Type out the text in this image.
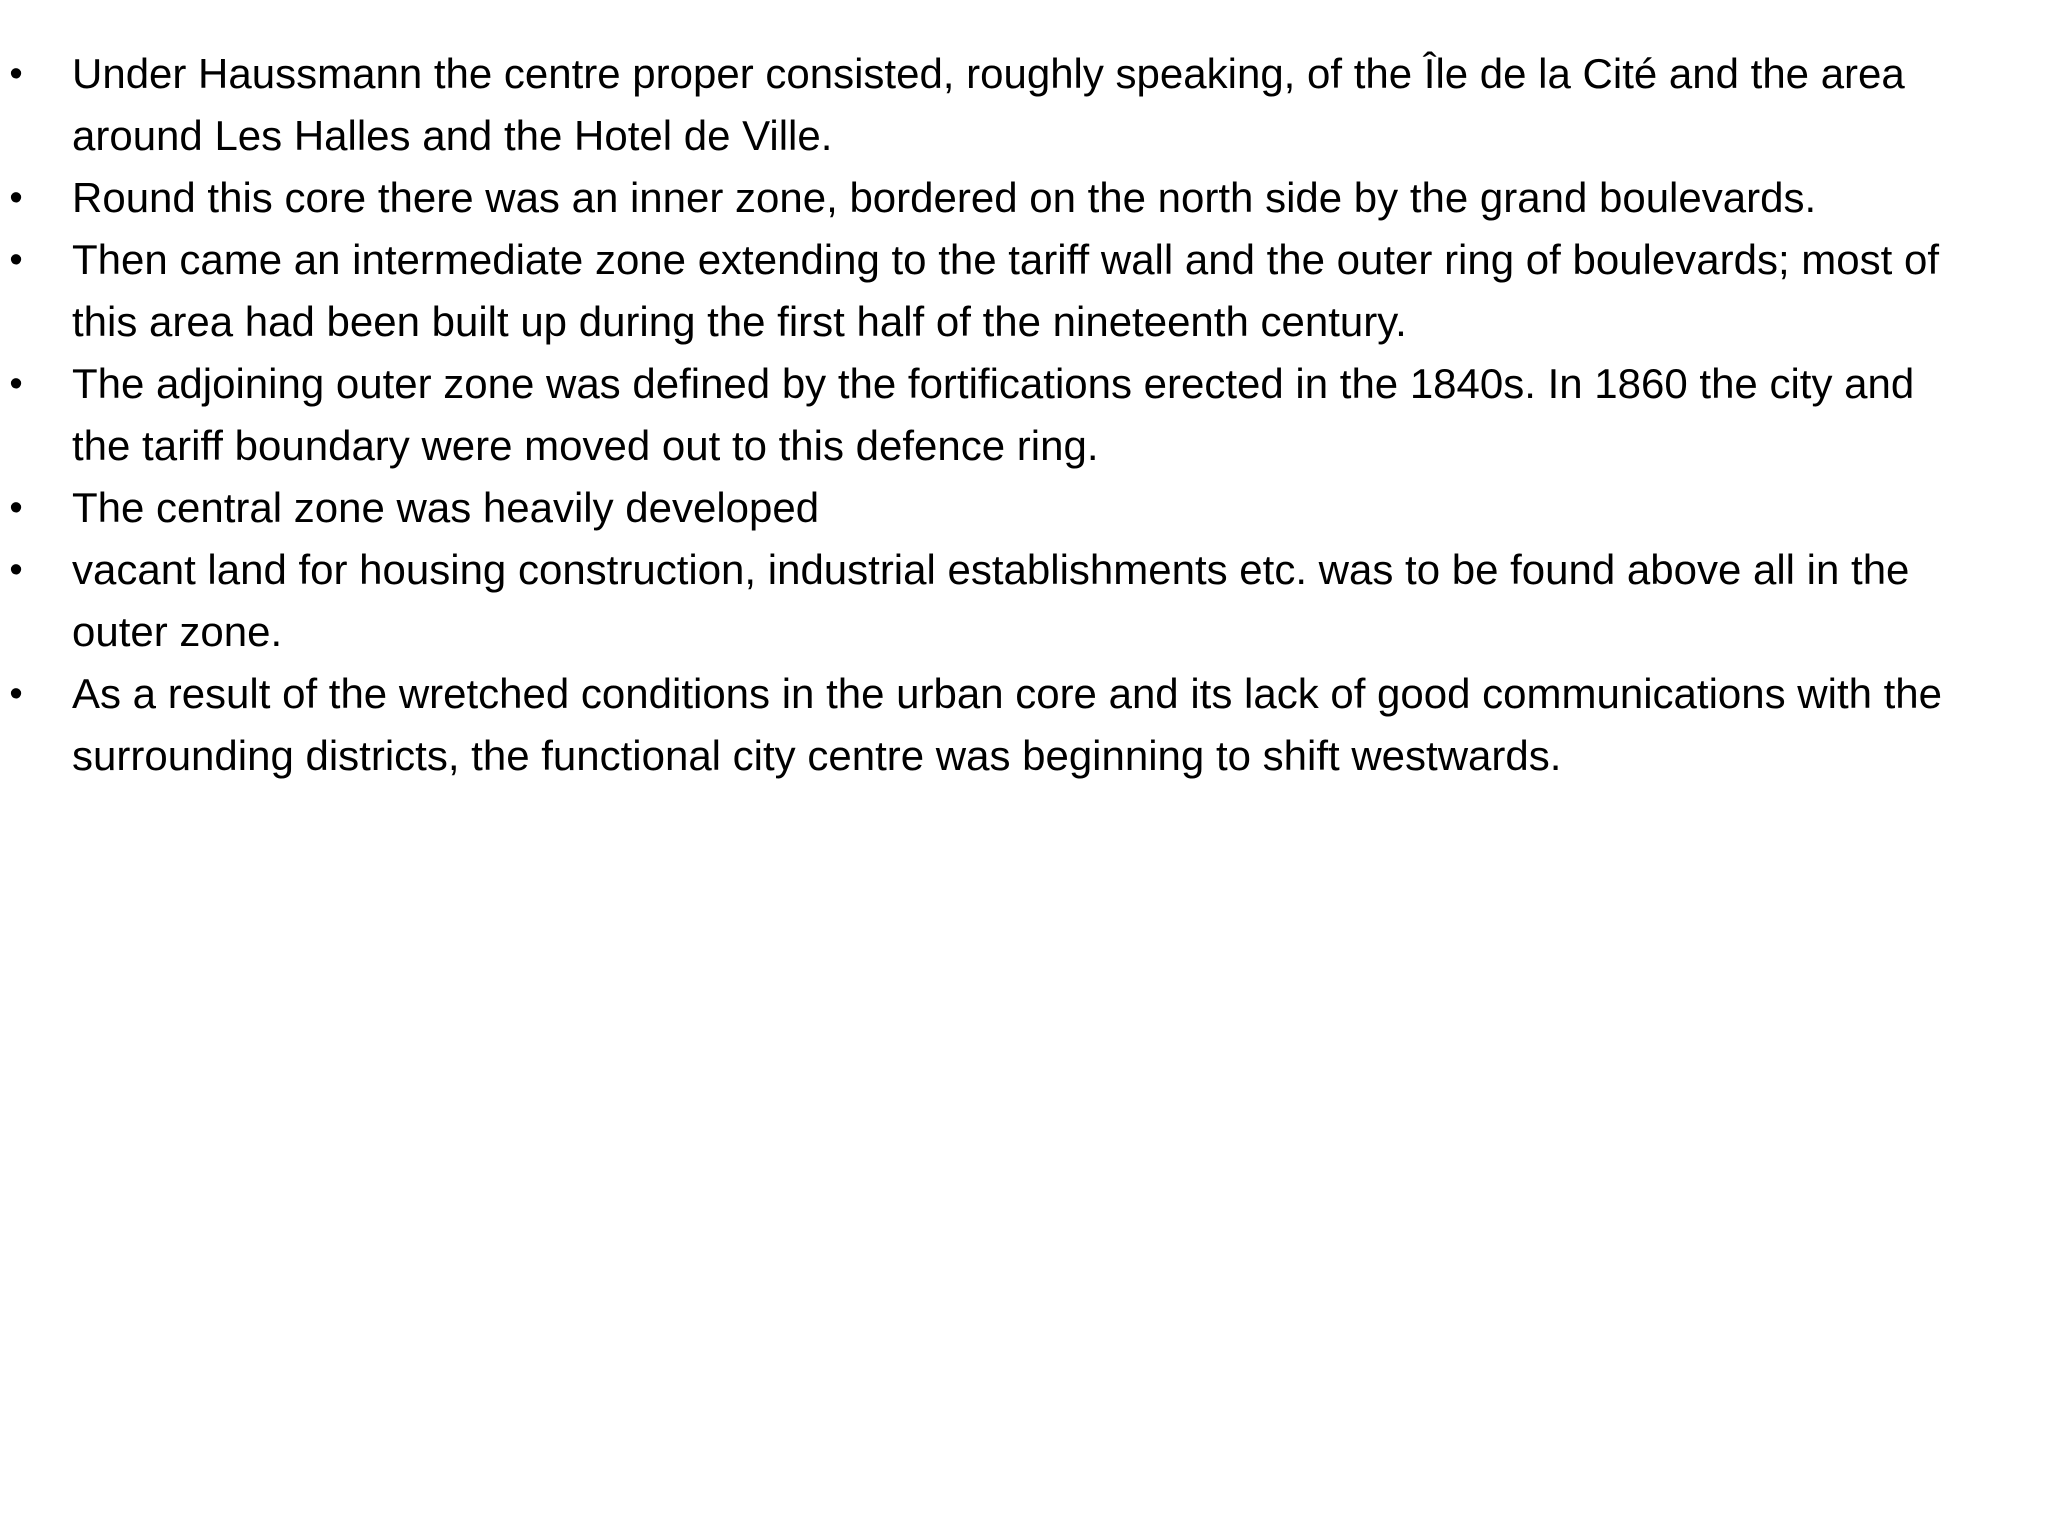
• Under Haussmann the centre proper consisted, roughly speaking, of the Île de la Cité and the area around Les Halles and the Hotel de Ville.
• Round this core there was an inner zone, bordered on the north side by the grand boulevards.
• Then came an intermediate zone extending to the tariff wall and the outer ring of boulevards; most of this area had been built up during the first half of the nineteenth century.
• The adjoining outer zone was defined by the fortifications erected in the 1840s. In 1860 the city and the tariff boundary were moved out to this defence ring.
• The central zone was heavily developed
• vacant land for housing construction, industrial establishments etc. was to be found above all in the outer zone.
• As a result of the wretched conditions in the urban core and its lack of good communications with the surrounding districts, the functional city centre was beginning to shift westwards.
